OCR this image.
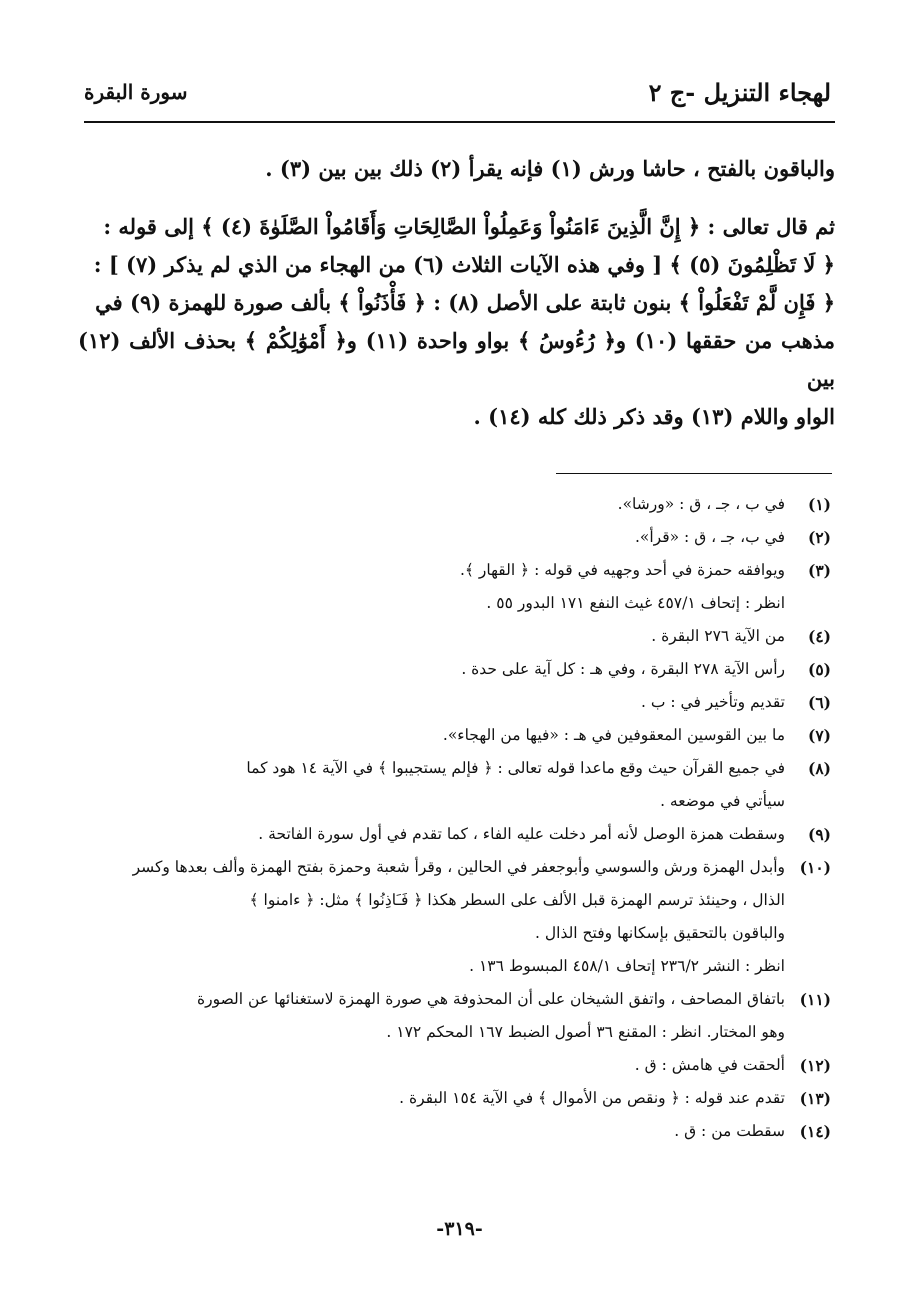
لهجاء التنزيل -ج ٢
سورة البقرة

والباقون بالفتح ، حاشا ورش (١) فإنه يقرأ (٢) ذلك بين بين (٣) .

ثم قال تعالى : ﴿ إِنَّ الَّذِينَ ءَامَنُواْ وَعَمِلُواْ الصَّالِحَاتِ وَأَقَامُواْ الصَّلَوٰةَ (٤) ﴾ إلى قوله :

﴿ لَا تَظْلِمُونَ (٥) ﴾ [ وفي هذه الآيات الثلاث (٦) من الهجاء من الذي لم يذكر (٧) ] :

﴿ فَإِن لَّمْ تَفْعَلُواْ ﴾ بنون ثابتة على الأصل (٨) : ﴿ فَأْذَنُواْ ﴾ بألف صورة للهمزة (٩) في

مذهب من حققها (١٠) و﴿ رُءُوسُ ﴾ بواو واحدة (١١) و﴿ أَمْوَٰلِكُمْ ﴾ بحذف الألف (١٢) بين

الواو واللام (١٣) وقد ذكر ذلك كله (١٤) .

(١)
في ب ، جـ ، ق : «ورشا».
(٢)
في ب، جـ ، ق : «قرأ».
(٣)
ويوافقه حمزة في أحد وجهيه في قوله : ﴿ القهار ﴾.
انظر : إتحاف ٤٥٧/١ غيث النفع ١٧١ البدور ٥٥ .
(٤)
من الآية ٢٧٦ البقرة .
(٥)
رأس الآية ٢٧٨ البقرة ، وفي هـ : كل آية على حدة .
(٦)
تقديم وتأخير في : ب .
(٧)
ما بين القوسين المعقوفين في هـ : «فيها من الهجاء».
(٨)
في جميع القرآن حيث وقع ماعدا قوله تعالى : ﴿ فإلم يستجيبوا ﴾ في الآية ١٤ هود كما
سيأتي في موضعه .
(٩)
وسقطت همزة الوصل لأنه أمر دخلت عليه الفاء ، كما تقدم في أول سورة الفاتحة .
(١٠)
وأبدل الهمزة ورش والسوسي وأبوجعفر في الحالين ، وقرأ شعبة وحمزة بفتح الهمزة وألف بعدها وكسر
الذال ، وحينئذ ترسم الهمزة قبل الألف على السطر هكذا ﴿ فَـَاذِنُوا ﴾ مثل: ﴿ ءامنوا ﴾
والباقون بالتحقيق بإسكانها وفتح الذال .
انظر : النشر ٢٣٦/٢ إتحاف ٤٥٨/١ المبسوط ١٣٦ .
(١١)
باتفاق المصاحف ، واتفق الشيخان على أن المحذوفة هي صورة الهمزة لاستغنائها عن الصورة
وهو المختار. انظر : المقنع ٣٦ أصول الضبط ١٦٧ المحكم ١٧٢ .
(١٢)
ألحقت في هامش : ق .
(١٣)
تقدم عند قوله : ﴿ ونقص من الأموال ﴾ في الآية ١٥٤ البقرة .
(١٤)
سقطت من : ق .
-٣١٩-
